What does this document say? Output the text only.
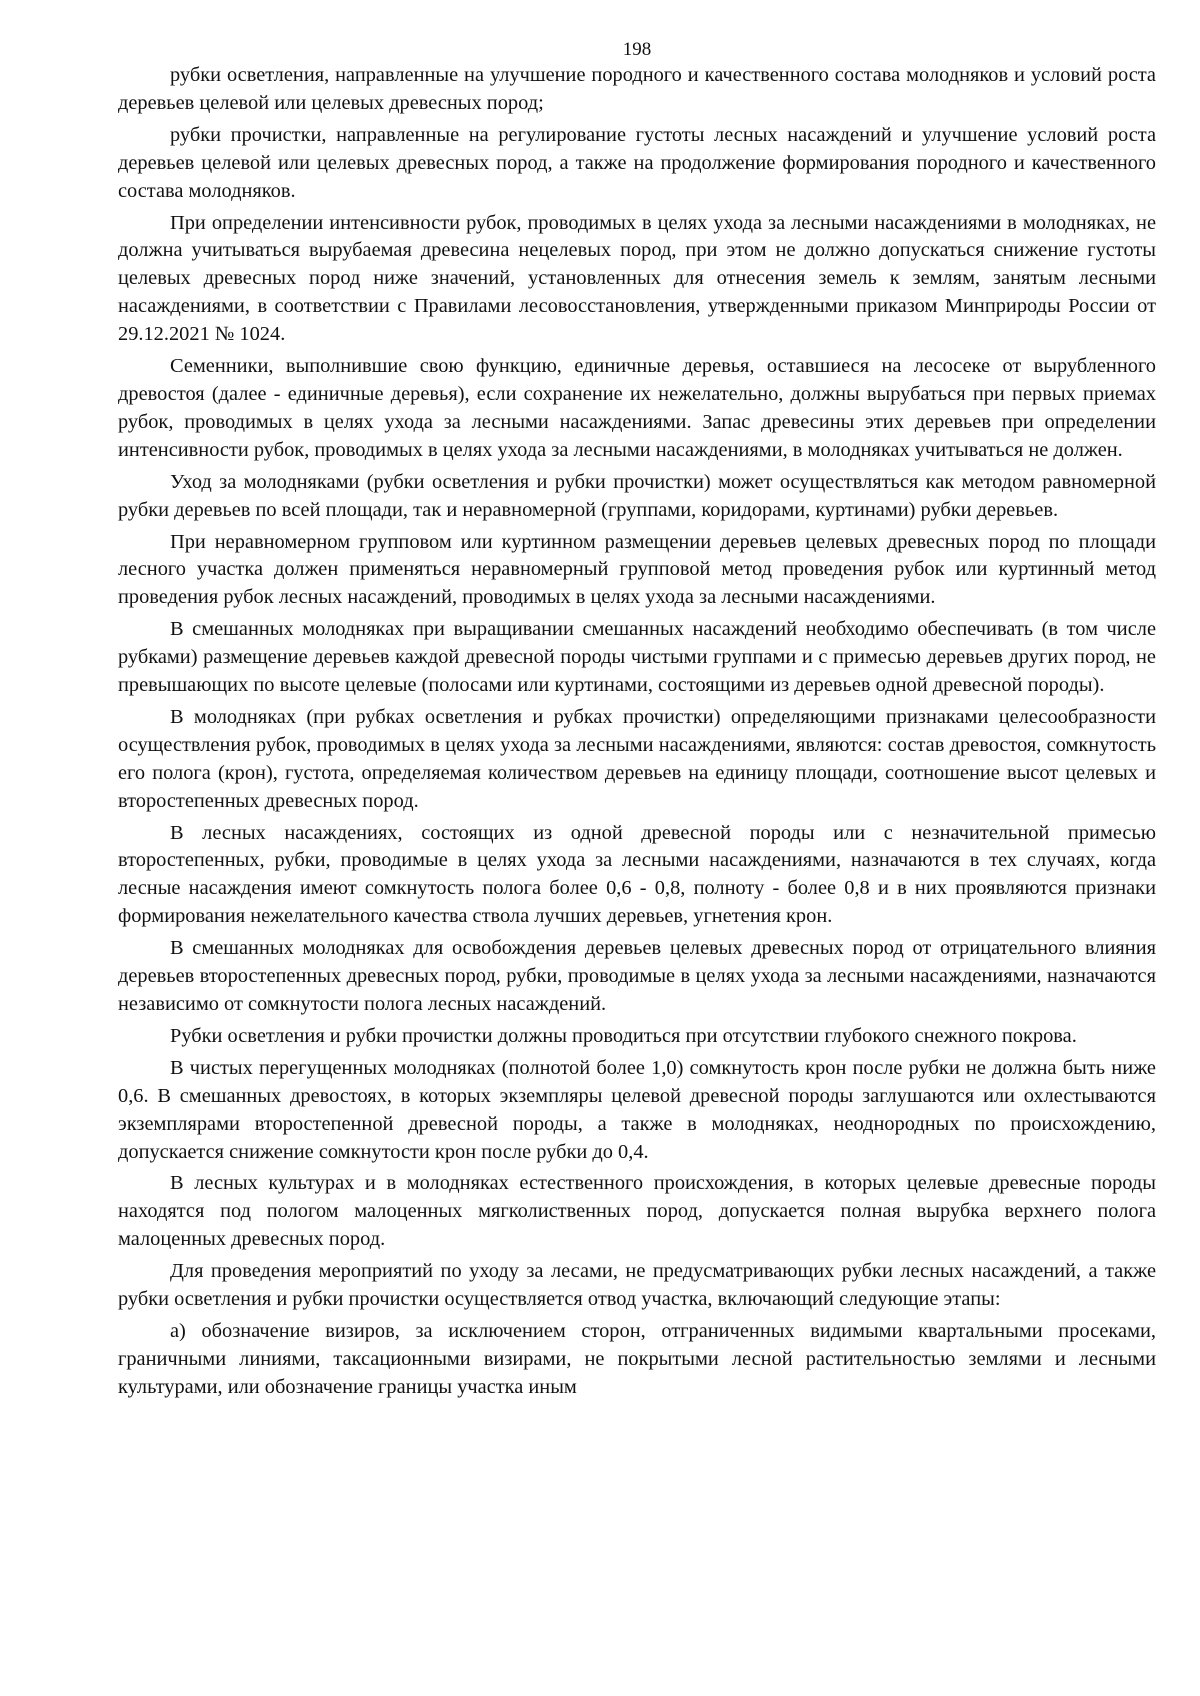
198

рубки осветления, направленные на улучшение породного и качественного состава молодняков и условий роста деревьев целевой или целевых древесных пород;

рубки прочистки, направленные на регулирование густоты лесных насаждений и улучшение условий роста деревьев целевой или целевых древесных пород, а также на продолжение формирования породного и качественного состава молодняков.

При определении интенсивности рубок, проводимых в целях ухода за лесными насаждениями в молодняках, не должна учитываться вырубаемая древесина нецелевых пород, при этом не должно допускаться снижение густоты целевых древесных пород ниже значений, установленных для отнесения земель к землям, занятым лесными насаждениями, в соответствии с Правилами лесовосстановления, утвержденными приказом Минприроды России от 29.12.2021 № 1024.

Семенники, выполнившие свою функцию, единичные деревья, оставшиеся на лесосеке от вырубленного древостоя (далее - единичные деревья), если сохранение их нежелательно, должны вырубаться при первых приемах рубок, проводимых в целях ухода за лесными насаждениями. Запас древесины этих деревьев при определении интенсивности рубок, проводимых в целях ухода за лесными насаждениями, в молодняках учитываться не должен.

Уход за молодняками (рубки осветления и рубки прочистки) может осуществляться как методом равномерной рубки деревьев по всей площади, так и неравномерной (группами, коридорами, куртинами) рубки деревьев.

При неравномерном групповом или куртинном размещении деревьев целевых древесных пород по площади лесного участка должен применяться неравномерный групповой метод проведения рубок или куртинный метод проведения рубок лесных насаждений, проводимых в целях ухода за лесными насаждениями.

В смешанных молодняках при выращивании смешанных насаждений необходимо обеспечивать (в том числе рубками) размещение деревьев каждой древесной породы чистыми группами и с примесью деревьев других пород, не превышающих по высоте целевые (полосами или куртинами, состоящими из деревьев одной древесной породы).

В молодняках (при рубках осветления и рубках прочистки) определяющими признаками целесообразности осуществления рубок, проводимых в целях ухода за лесными насаждениями, являются: состав древостоя, сомкнутость его полога (крон), густота, определяемая количеством деревьев на единицу площади, соотношение высот целевых и второстепенных древесных пород.

В лесных насаждениях, состоящих из одной древесной породы или с незначительной примесью второстепенных, рубки, проводимые в целях ухода за лесными насаждениями, назначаются в тех случаях, когда лесные насаждения имеют сомкнутость полога более 0,6 - 0,8, полноту - более 0,8 и в них проявляются признаки формирования нежелательного качества ствола лучших деревьев, угнетения крон.

В смешанных молодняках для освобождения деревьев целевых древесных пород от отрицательного влияния деревьев второстепенных древесных пород, рубки, проводимые в целях ухода за лесными насаждениями, назначаются независимо от сомкнутости полога лесных насаждений.

Рубки осветления и рубки прочистки должны проводиться при отсутствии глубокого снежного покрова.

В чистых перегущенных молодняках (полнотой более 1,0) сомкнутость крон после рубки не должна быть ниже 0,6. В смешанных древостоях, в которых экземпляры целевой древесной породы заглушаются или охлестываются экземплярами второстепенной древесной породы, а также в молодняках, неоднородных по происхождению, допускается снижение сомкнутости крон после рубки до 0,4.

В лесных культурах и в молодняках естественного происхождения, в которых целевые древесные породы находятся под пологом малоценных мягколиственных пород, допускается полная вырубка верхнего полога малоценных древесных пород.

Для проведения мероприятий по уходу за лесами, не предусматривающих рубки лесных насаждений, а также рубки осветления и рубки прочистки осуществляется отвод участка, включающий следующие этапы:

а) обозначение визиров, за исключением сторон, отграниченных видимыми квартальными просеками, граничными линиями, таксационными визирами, не покрытыми лесной растительностью землями и лесными культурами, или обозначение границы участка иным
